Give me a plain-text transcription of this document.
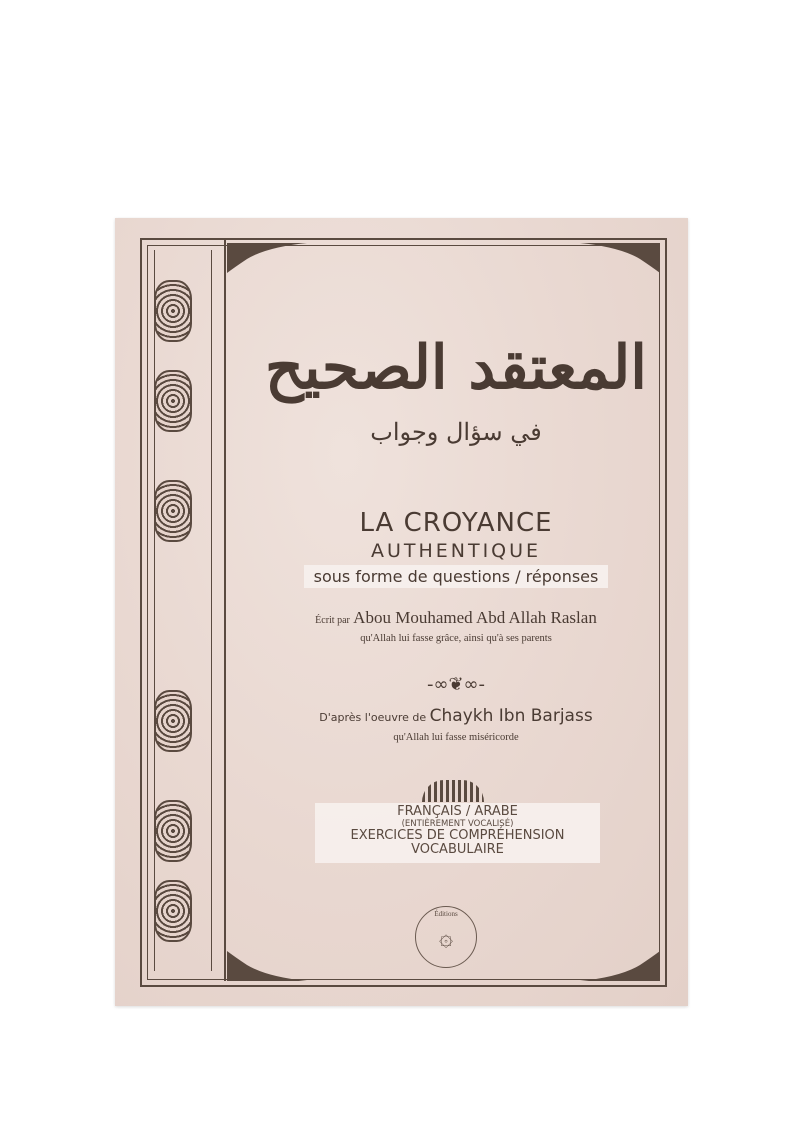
المعتقد الصحيح
في سؤال وجواب
LA CROYANCE
AUTHENTIQUE
sous forme de questions / réponses
Écrit par Abou Mouhamed Abd Allah Raslan
qu'Allah lui fasse grâce, ainsi qu'à ses parents
-∞❦∞-
D'après l'oeuvre de Chaykh Ibn Barjass
qu'Allah lui fasse miséricorde
FRANÇAIS / ARABE
(ENTIÈREMENT VOCALISÉ)
EXERCICES DE COMPRÉHENSION
VOCABULAIRE
Éditions
۞
